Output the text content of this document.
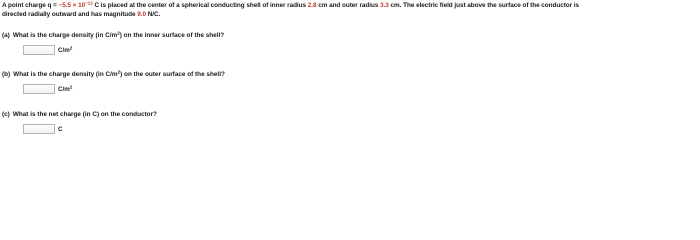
A point charge $q = -5.5 \times 10^{-12}$ C is placed at the center of a spherical conducting shell of inner radius 2.8 cm and outer radius 3.3 cm. The electric field just above the surface of the conductor is

directed radially outward and has magnitude 9.0 N/C.

(a) What is the charge density (in $C/m^2$) on the inner surface of the shell?
$C/m^2$
(b) What is the charge density (in $C/m^2$) on the outer surface of the shell?
$C/m^2$
(c) What is the net charge (in C) on the conductor?
C
